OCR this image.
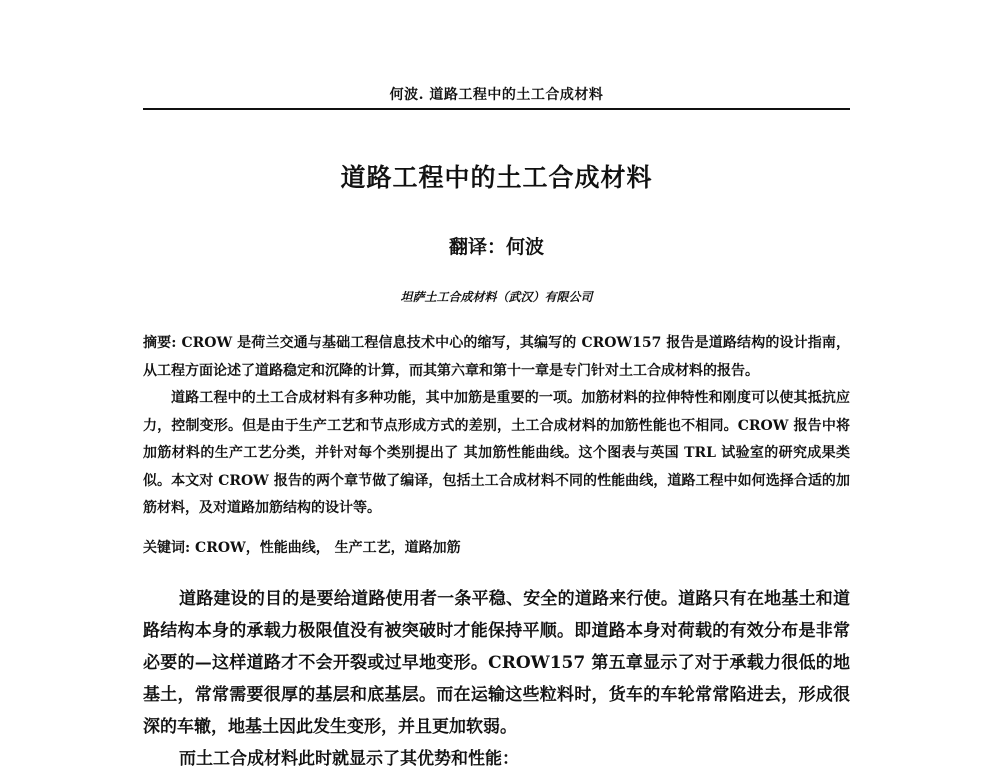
何波. 道路工程中的土工合成材料
道路工程中的土工合成材料
翻译：何波
坦萨土工合成材料（武汉）有限公司

摘要: CROW 是荷兰交通与基础工程信息技术中心的缩写，其编写的 CROW157 报告是道路结构的设计指南，从工程方面论述了道路稳定和沉降的计算，而其第六章和第十一章是专门针对土工合成材料的报告。

道路工程中的土工合成材料有多种功能，其中加筋是重要的一项。加筋材料的拉伸特性和刚度可以使其抵抗应力，控制变形。但是由于生产工艺和节点形成方式的差别，土工合成材料的加筋性能也不相同。CROW 报告中将加筋材料的生产工艺分类，并针对每个类别提出了 其加筋性能曲线。这个图表与英国 TRL 试验室的研究成果类似。本文对 CROW 报告的两个章节做了编译，包括土工合成材料不同的性能曲线，道路工程中如何选择合适的加筋材料，及对道路加筋结构的设计等。

关键词: CROW，性能曲线， 生产工艺，道路加筋

道路建设的目的是要给道路使用者一条平稳、安全的道路来行使。道路只有在地基土和道路结构本身的承载力极限值没有被突破时才能保持平顺。即道路本身对荷载的有效分布是非常必要的—这样道路才不会开裂或过早地变形。CROW157 第五章显示了对于承载力很低的地基土，常常需要很厚的基层和底基层。而在运输这些粒料时，货车的车轮常常陷进去，形成很深的车辙，地基土因此发生变形，并且更加软弱。

而土工合成材料此时就显示了其优势和性能：
